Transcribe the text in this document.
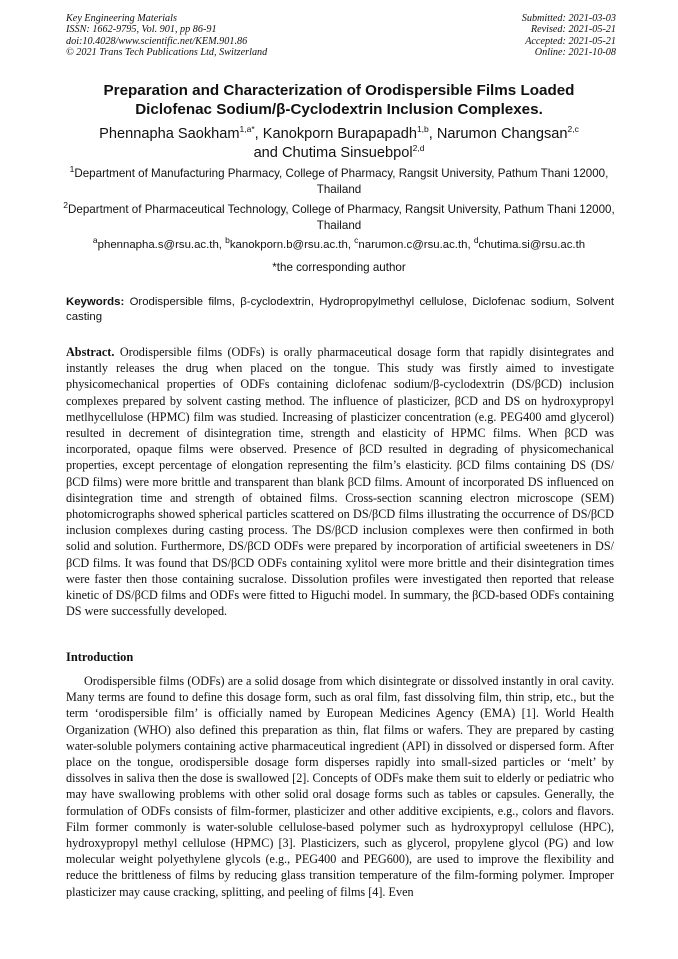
Key Engineering Materials
ISSN: 1662-9795, Vol. 901, pp 86-91
doi:10.4028/www.scientific.net/KEM.901.86
© 2021 Trans Tech Publications Ltd, Switzerland
Submitted: 2021-03-03
Revised: 2021-05-21
Accepted: 2021-05-21
Online: 2021-10-08
Preparation and Characterization of Orodispersible Films Loaded
Diclofenac Sodium/β-Cyclodextrin Inclusion Complexes.
Phennapha Saokham$^{1,a*}$, Kanokporn Burapapadh$^{1,b}$, Narumon Changsan$^{2,c}$
and Chutima Sinsuebpol$^{2,d}$
$^1$Department of Manufacturing Pharmacy, College of Pharmacy, Rangsit University, Pathum Thani 12000, Thailand
$^2$Department of Pharmaceutical Technology, College of Pharmacy, Rangsit University, Pathum Thani 12000, Thailand
$^a$phennapha.s@rsu.ac.th, $^b$kanokporn.b@rsu.ac.th, $^c$narumon.c@rsu.ac.th, $^d$chutima.si@rsu.ac.th
*the corresponding author
Keywords: Orodispersible films, β-cyclodextrin, Hydropropylmethyl cellulose, Diclofenac sodium, Solvent casting
Abstract. Orodispersible films (ODFs) is orally pharmaceutical dosage form that rapidly disintegrates and instantly releases the drug when placed on the tongue. This study was firstly aimed to investigate physicomechanical properties of ODFs containing diclofenac sodium/β-cyclodextrin (DS/βCD) inclusion complexes prepared by solvent casting method. The influence of plasticizer, βCD and DS on hydroxypropyl metlhycellulose (HPMC) film was studied. Increasing of plasticizer concentration (e.g. PEG400 amd glycerol) resulted in decrement of disintegration time, strength and elasticity of HPMC films. When βCD was incorporated, opaque films were observed. Presence of βCD resulted in degrading of physicomechanical properties, except percentage of elongation representing the film’s elasticity. βCD films containing DS (DS/βCD films) were more brittle and transparent than blank βCD films. Amount of incorporated DS influenced on disintegration time and strength of obtained films. Cross-section scanning electron microscope (SEM) photomicrographs showed spherical particles scattered on DS/βCD films illustrating the occurrence of DS/βCD inclusion complexes during casting process. The DS/βCD inclusion complexes were then confirmed in both solid and solution. Furthermore, DS/βCD ODFs were prepared by incorporation of artificial sweeteners in DS/βCD films. It was found that DS/βCD ODFs containing xylitol were more brittle and their disintegration times were faster then those containing sucralose. Dissolution profiles were investigated then reported that release kinetic of DS/βCD films and ODFs were fitted to Higuchi model. In summary, the βCD-based ODFs containing DS were successfully developed.
Introduction
Orodispersible films (ODFs) are a solid dosage from which disintegrate or dissolved instantly in oral cavity. Many terms are found to define this dosage form, such as oral film, fast dissolving film, thin strip, etc., but the term ‘orodispersible film’ is officially named by European Medicines Agency (EMA) [1]. World Health Organization (WHO) also defined this preparation as thin, flat films or wafers. They are prepared by casting water-soluble polymers containing active pharmaceutical ingredient (API) in dissolved or dispersed form. After place on the tongue, orodispersible dosage form disperses rapidly into small-sized particles or ‘melt’ by dissolves in saliva then the dose is swallowed [2]. Concepts of ODFs make them suit to elderly or pediatric who may have swallowing problems with other solid oral dosage forms such as tables or capsules. Generally, the formulation of ODFs consists of film-former, plasticizer and other additive excipients, e.g., colors and flavors. Film former commonly is water-soluble cellulose-based polymer such as hydroxypropyl cellulose (HPC), hydroxypropyl methyl cellulose (HPMC) [3]. Plasticizers, such as glycerol, propylene glycol (PG) and low molecular weight polyethylene glycols (e.g., PEG400 and PEG600), are used to improve the flexibility and reduce the brittleness of films by reducing glass transition temperature of the film-forming polymer. Improper plasticizer may cause cracking, splitting, and peeling of films [4]. Even
